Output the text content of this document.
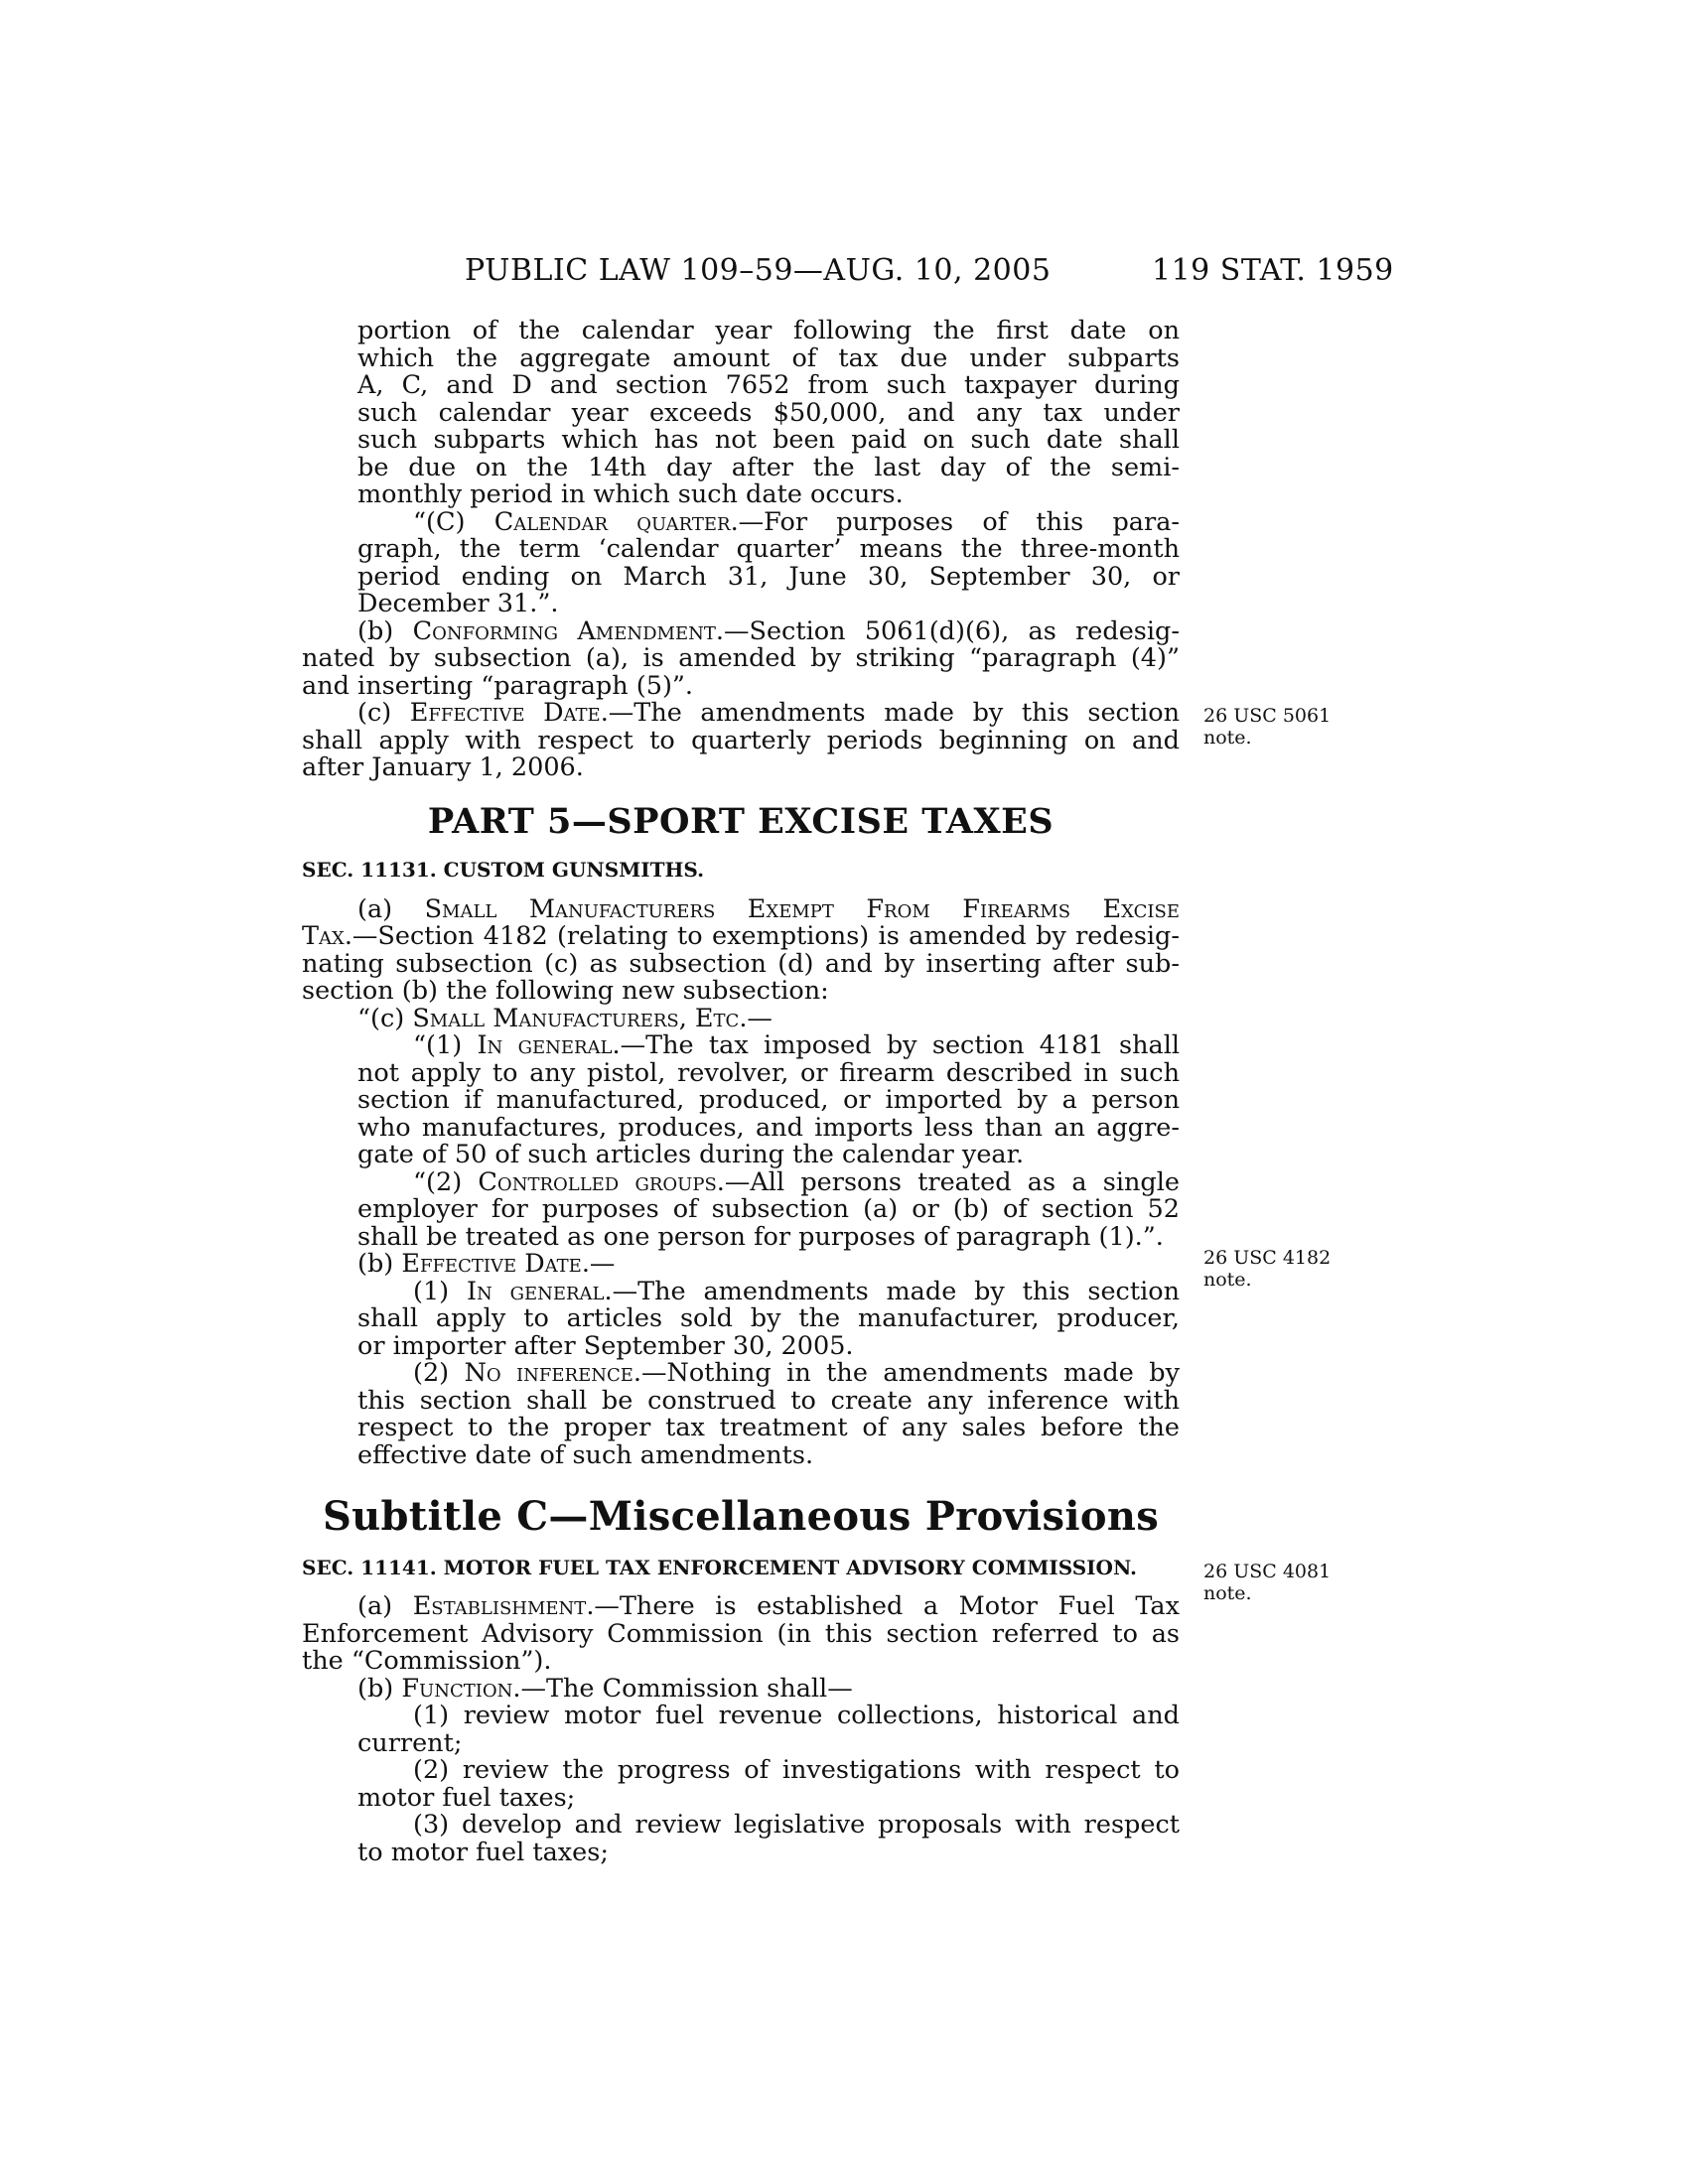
PUBLIC LAW 109–59—AUG. 10, 2005	119 STAT. 1959
portion of the calendar year following the first date on
which the aggregate amount of tax due under subparts
A, C, and D and section 7652 from such taxpayer during
such calendar year exceeds $50,000, and any tax under
such subparts which has not been paid on such date shall
be due on the 14th day after the last day of the semi-
monthly period in which such date occurs.
“(C) Calendar quarter.—For purposes of this para-
graph, the term ‘calendar quarter’ means the three-month
period ending on March 31, June 30, September 30, or
December 31.”.
(b) Conforming Amendment.—Section 5061(d)(6), as redesig-
nated by subsection (a), is amended by striking “paragraph (4)”
and inserting “paragraph (5)”.
(c) Effective Date.—The amendments made by this section
shall apply with respect to quarterly periods beginning on and
after January 1, 2006.
PART 5—SPORT EXCISE TAXES
SEC. 11131. CUSTOM GUNSMITHS.
(a) Small Manufacturers Exempt From Firearms Excise
Tax.—Section 4182 (relating to exemptions) is amended by redesig-
nating subsection (c) as subsection (d) and by inserting after sub-
section (b) the following new subsection:
“(c) Small Manufacturers, Etc.—
“(1) In general.—The tax imposed by section 4181 shall
not apply to any pistol, revolver, or firearm described in such
section if manufactured, produced, or imported by a person
who manufactures, produces, and imports less than an aggre-
gate of 50 of such articles during the calendar year.
“(2) Controlled groups.—All persons treated as a single
employer for purposes of subsection (a) or (b) of section 52
shall be treated as one person for purposes of paragraph (1).”.
(b) Effective Date.—
(1) In general.—The amendments made by this section
shall apply to articles sold by the manufacturer, producer,
or importer after September 30, 2005.
(2) No inference.—Nothing in the amendments made by
this section shall be construed to create any inference with
respect to the proper tax treatment of any sales before the
effective date of such amendments.
Subtitle C—Miscellaneous Provisions
SEC. 11141. MOTOR FUEL TAX ENFORCEMENT ADVISORY COMMISSION.
(a) Establishment.—There is established a Motor Fuel Tax
Enforcement Advisory Commission (in this section referred to as
the “Commission”).
(b) Function.—The Commission shall—
(1) review motor fuel revenue collections, historical and
current;
(2) review the progress of investigations with respect to
motor fuel taxes;
(3) develop and review legislative proposals with respect
to motor fuel taxes;
26 USC 5061
note.
26 USC 4182
note.
26 USC 4081
note.
